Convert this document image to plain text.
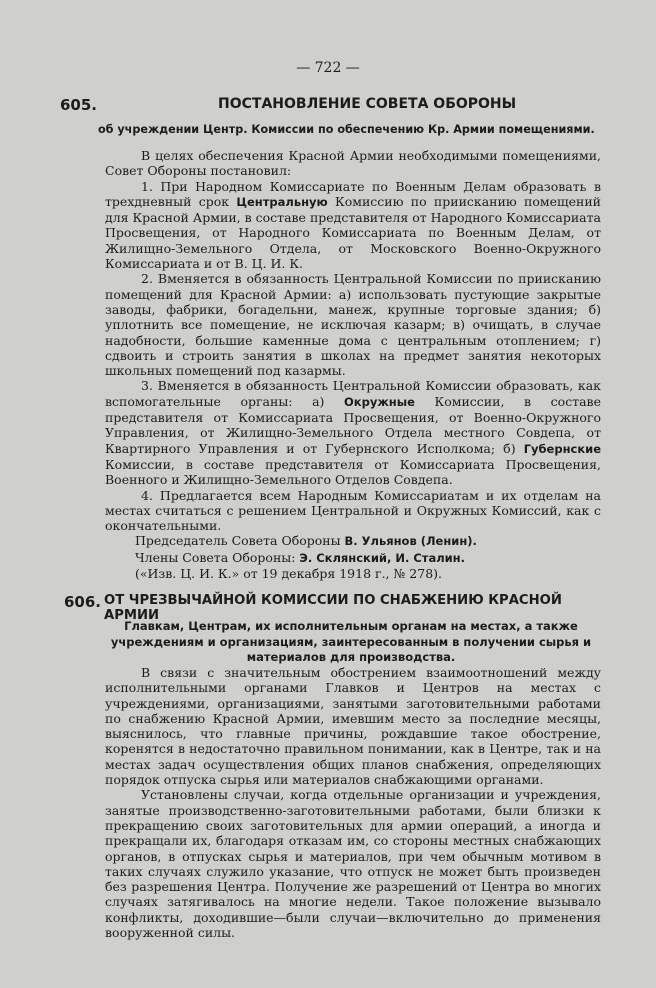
— 722 —
605.	ПОСТАНОВЛЕНИЕ СОВЕТА ОБОРОНЫ
об учреждении Центр. Комиссии по обеспечению Кр. Армии помещениями.

В целях обеспечения Красной Армии необходимыми помещениями, Совет Обороны постановил:

1. При Народном Комиссариате по Военным Делам образовать в трехдневный срок Центральную Комиссию по приисканию помещений для Красной Армии, в составе представителя от Народного Комиссариата Просвещения, от Народного Комиссариата по Военным Делам, от Жилищно-Земельного Отдела, от Московского Военно-Окружного Комиссариата и от В. Ц. И. К.

2. Вменяется в обязанность Центральной Комиссии по приисканию помещений для Красной Армии: а) использовать пустующие закрытые заводы, фабрики, богадельни, манеж, крупные торговые здания; б) уплотнить все помещение, не исключая казарм; в) очищать, в случае надобности, большие каменные дома с центральным отоплением; г) сдвоить и строить занятия в школах на предмет занятия некоторых школьных помещений под казармы.

3. Вменяется в обязанность Центральной Комиссии образовать, как вспомогательные органы: а) Окружные Комиссии, в составе представителя от Комиссариата Просвещения, от Военно-Окружного Управления, от Жилищно-Земельного Отдела местного Совдепа, от Квартирного Управления и от Губернского Исполкома; б) Губернские Комиссии, в составе представителя от Комиссариата Просвещения, Военного и Жилищно-Земельного Отделов Совдепа.

4. Предлагается всем Народным Комиссариатам и их отделам на местах считаться с решением Центральной и Окружных Комиссий, как с окончательными.

Председатель Совета Обороны В. Ульянов (Ленин).

Члены Совета Обороны: Э. Склянский, И. Сталин.

(«Изв. Ц. И. К.» от 19 декабря 1918 г., № 278).

606. ОТ ЧРЕЗВЫЧАЙНОЙ КОМИССИИ ПО СНАБЖЕНИЮ КРАСНОЙ АРМИИ
Главкам, Центрам, их исполнительным органам на местах, а также учреждениям и организациям, заинтересованным в получении сырья и материалов для производства.

В связи с значительным обострением взаимоотношений между исполнительными органами Главков и Центров на местах с учреждениями, организациями, занятыми заготовительными работами по снабжению Красной Армии, имевшим место за последние месяцы, выяснилось, что главные причины, рождавшие такое обострение, коренятся в недостаточно правильном понимании, как в Центре, так и на местах задач осуществления общих планов снабжения, определяющих порядок отпуска сырья или материалов снабжающими органами.

Установлены случаи, когда отдельные организации и учреждения, занятые производственно-заготовительными работами, были близки к прекращению своих заготовительных для армии операций, а иногда и прекращали их, благодаря отказам им, со стороны местных снабжающих органов, в отпусках сырья и материалов, при чем обычным мотивом в таких случаях служило указание, что отпуск не может быть произведен без разрешения Центра. Получение же разрешений от Центра во многих случаях затягивалось на многие недели. Такое положение вызывало конфликты, доходившие—были случаи—включительно до применения вооруженной силы.
